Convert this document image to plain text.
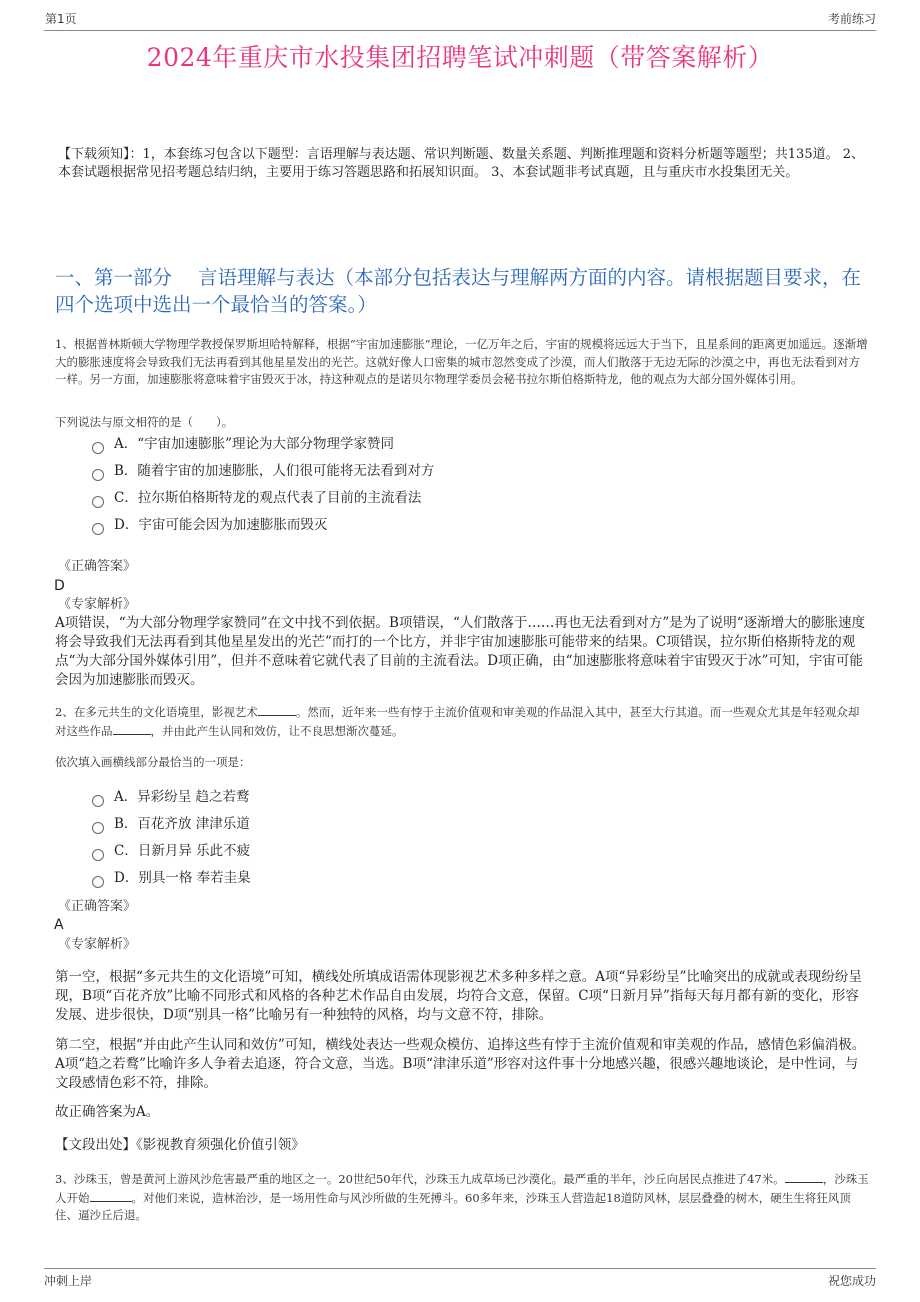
第1页	考前练习
2024年重庆市水投集团招聘笔试冲刺题（带答案解析）
【下载须知】：1，本套练习包含以下题型：言语理解与表达题、常识判断题、数量关系题、判断推理题和资料分析题等题型；共135道。 2、本套试题根据常见招考题总结归纳，主要用于练习答题思路和拓展知识面。 3、本套试题非考试真题，且与重庆市水投集团无关。
一、第一部分 言语理解与表达（本部分包括表达与理解两方面的内容。请根据题目要求，在四个选项中选出一个最恰当的答案。）
1、根据普林斯顿大学物理学教授保罗斯坦哈特解释，根据“宇宙加速膨胀”理论，一亿万年之后，宇宙的规模将远远大于当下，且星系间的距离更加遥远。逐渐增大的膨胀速度将会导致我们无法再看到其他星星发出的光芒。这就好像人口密集的城市忽然变成了沙漠，而人们散落于无边无际的沙漠之中，再也无法看到对方一样。另一方面，加速膨胀将意味着宇宙毁灭于冰，持这种观点的是诺贝尔物理学委员会秘书拉尔斯伯格斯特龙，他的观点为大部分国外媒体引用。
下列说法与原文相符的是（　　）。
A． “宇宙加速膨胀”理论为大部分物理学家赞同
B． 随着宇宙的加速膨胀，人们很可能将无法看到对方
C． 拉尔斯伯格斯特龙的观点代表了目前的主流看法
D． 宇宙可能会因为加速膨胀而毁灭
《正确答案》
D
《专家解析》
A项错误，“为大部分物理学家赞同”在文中找不到依据。B项错误，“人们散落于……再也无法看到对方”是为了说明“逐渐增大的膨胀速度将会导致我们无法再看到其他星星发出的光芒”而打的一个比方，并非宇宙加速膨胀可能带来的结果。C项错误，拉尔斯伯格斯特龙的观点“为大部分国外媒体引用”，但并不意味着它就代表了目前的主流看法。D项正确，由“加速膨胀将意味着宇宙毁灭于冰”可知，宇宙可能会因为加速膨胀而毁灭。
2、在多元共生的文化语境里，影视艺术	。然而，近年来一些有悖于主流价值观和审美观的作品混入其中，甚至大行其道。而一些观众尤其是年轻观众却对这些作品	，并由此产生认同和效仿，让不良思想渐次蔓延。
依次填入画横线部分最恰当的一项是：
A． 异彩纷呈 趋之若鹜
B． 百花齐放 津津乐道
C． 日新月异 乐此不疲
D． 别具一格 奉若圭臬
《正确答案》
A
《专家解析》
第一空，根据“多元共生的文化语境”可知，横线处所填成语需体现影视艺术多种多样之意。A项“异彩纷呈”比喻突出的成就或表现纷纷呈现，B项“百花齐放”比喻不同形式和风格的各种艺术作品自由发展，均符合文意，保留。C项“日新月异”指每天每月都有新的变化，形容发展、进步很快，D项“别具一格”比喻另有一种独特的风格，均与文意不符，排除。
第二空，根据“并由此产生认同和效仿”可知，横线处表达一些观众模仿、追捧这些有悖于主流价值观和审美观的作品，感情色彩偏消极。A项“趋之若鹜”比喻许多人争着去追逐，符合文意，当选。B项“津津乐道”形容对这件事十分地感兴趣，很感兴趣地谈论，是中性词，与文段感情色彩不符，排除。
故正确答案为A。
【文段出处】《影视教育须强化价值引领》
3、沙珠玉，曾是黄河上游风沙危害最严重的地区之一。20世纪50年代，沙珠玉九成草场已沙漠化。最严重的半年，沙丘向居民点推进了47米。	，沙珠玉人开始	。对他们来说，造林治沙，是一场用性命与风沙所做的生死搏斗。60多年来，沙珠玉人营造起18道防风林，层层叠叠的树木，硬生生将狂风顶住、逼沙丘后退。
冲刺上岸	祝您成功
